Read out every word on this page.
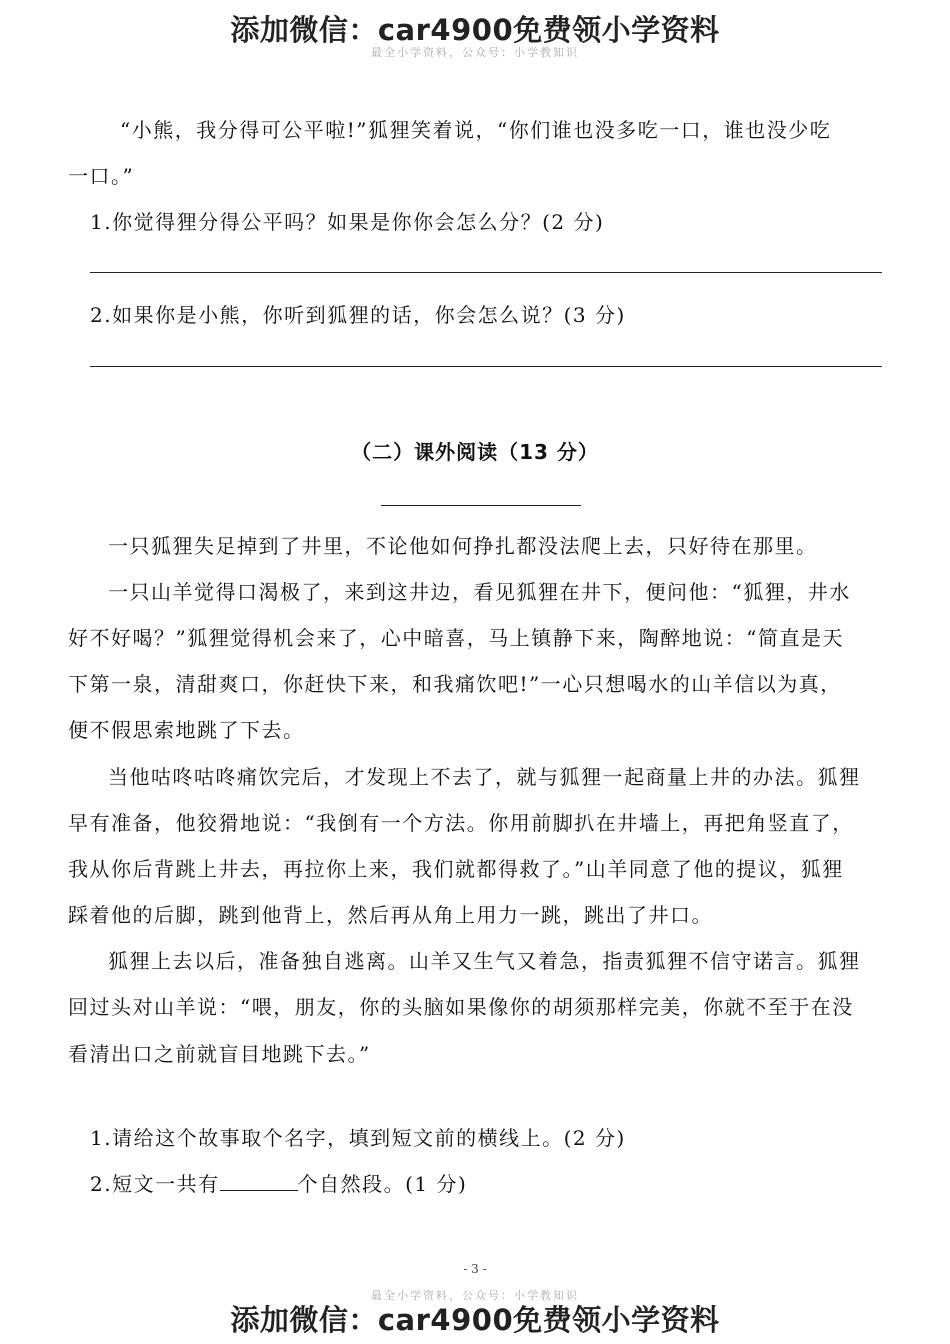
添加微信：car4900免费领小学资料
最全小学资料，公众号：小学教知识
“小熊，我分得可公平啦!”狐狸笑着说，“你们谁也没多吃一口，谁也没少吃
一口。”
1.你觉得狸分得公平吗？如果是你你会怎么分？(2 分)
2.如果你是小熊，你听到狐狸的话，你会怎么说？(3 分)
（二）课外阅读（13 分）
一只狐狸失足掉到了井里，不论他如何挣扎都没法爬上去，只好待在那里。
一只山羊觉得口渴极了，来到这井边，看见狐狸在井下，便问他：“狐狸，井水
好不好喝？”狐狸觉得机会来了，心中暗喜，马上镇静下来，陶醉地说：“简直是天
下第一泉，清甜爽口，你赶快下来，和我痛饮吧!”一心只想喝水的山羊信以为真，
便不假思索地跳了下去。
当他咕咚咕咚痛饮完后，才发现上不去了，就与狐狸一起商量上井的办法。狐狸
早有准备，他狡猾地说：“我倒有一个方法。你用前脚扒在井墙上，再把角竖直了，
我从你后背跳上井去，再拉你上来，我们就都得救了。”山羊同意了他的提议，狐狸
踩着他的后脚，跳到他背上，然后再从角上用力一跳，跳出了井口。
狐狸上去以后，准备独自逃离。山羊又生气又着急，指责狐狸不信守诺言。狐狸
回过头对山羊说：“喂，朋友，你的头脑如果像你的胡须那样完美，你就不至于在没
看清出口之前就盲目地跳下去。”
1.请给这个故事取个名字，填到短文前的横线上。(2 分)
2.短文一共有	个自然段。(1 分)
- 3 -
最全小学资料，公众号：小学教知识
添加微信：car4900免费领小学资料
